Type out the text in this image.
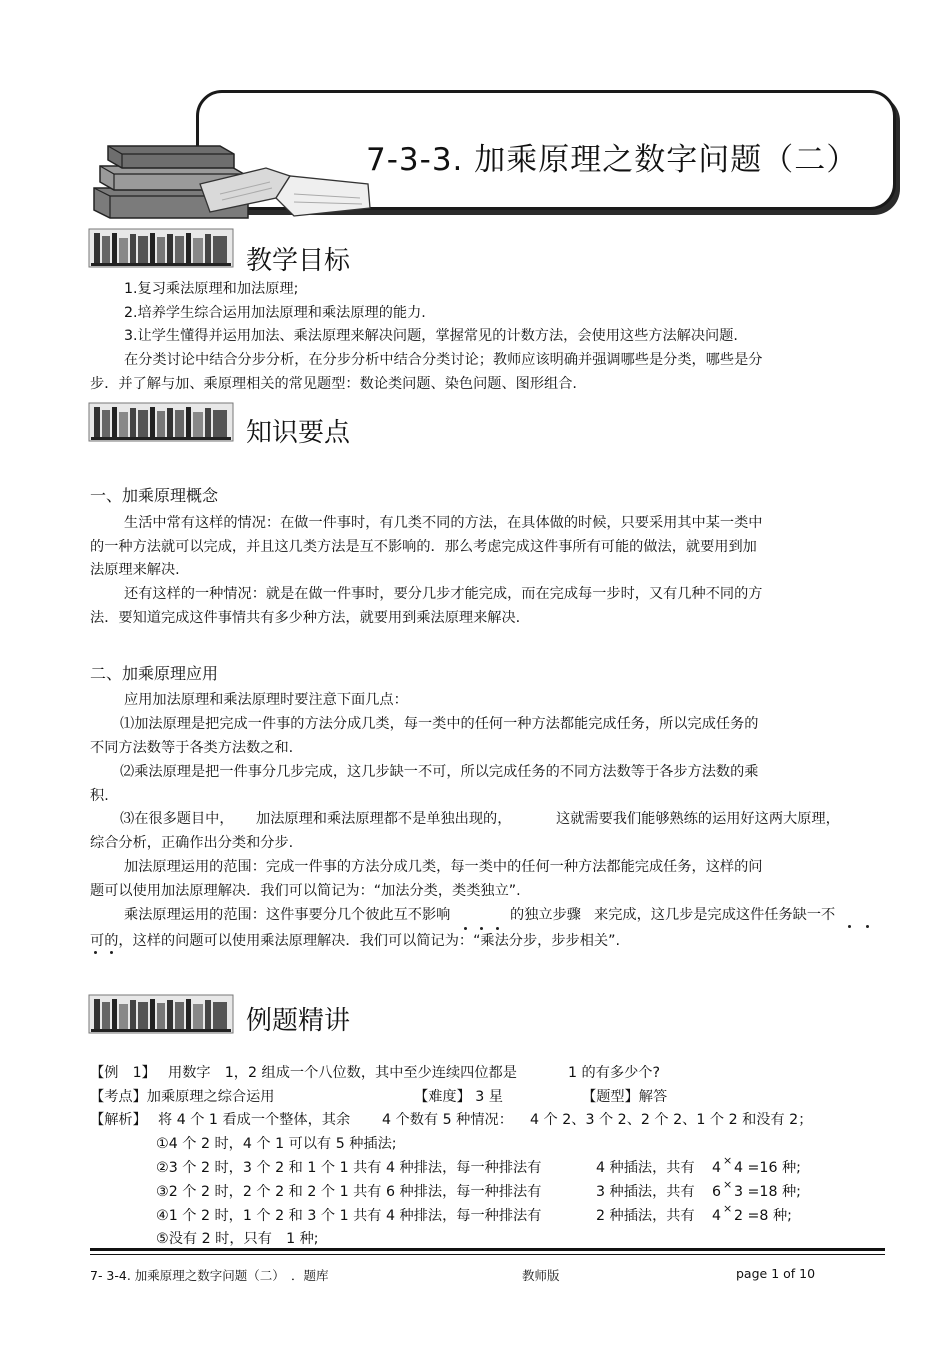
7-3-3. 加乘原理之数字问题（二）
教学目标
1.复习乘法原理和加法原理;
2.培养学生综合运用加法原理和乘法原理的能力.
3.让学生懂得并运用加法、乘法原理来解决问题，掌握常见的计数方法，会使用这些方法解决问题.
在分类讨论中结合分步分析，在分步分析中结合分类讨论；教师应该明确并强调哪些是分类，哪些是分
步．并了解与加、乘原理相关的常见题型：数论类问题、染色问题、图形组合.
知识要点
一、加乘原理概念
生活中常有这样的情况：在做一件事时，有几类不同的方法，在具体做的时候，只要采用其中某一类中
的一种方法就可以完成，并且这几类方法是互不影响的．那么考虑完成这件事所有可能的做法，就要用到加
法原理来解决.
还有这样的一种情况：就是在做一件事时，要分几步才能完成，而在完成每一步时，又有几种不同的方
法．要知道完成这件事情共有多少种方法，就要用到乘法原理来解决.
二、加乘原理应用
应用加法原理和乘法原理时要注意下面几点：
⑴加法原理是把完成一件事的方法分成几类，每一类中的任何一种方法都能完成任务，所以完成任务的
不同方法数等于各类方法数之和.
⑵乘法原理是把一件事分几步完成，这几步缺一不可，所以完成任务的不同方法数等于各步方法数的乘
积.
⑶在很多题目中， 加法原理和乘法原理都不是单独出现的，	这就需要我们能够熟练的运用好这两大原理，
综合分析，正确作出分类和分步.
加法原理运用的范围：完成一件事的方法分成几类，每一类中的任何一种方法都能完成任务，这样的问
题可以使用加法原理解决．我们可以简记为：“加法分类，类类独立”.
乘法原理运用的范围：这件事要分几个彼此互不影响	的独立步骤 来完成，这几步是完成这件任务缺一不
可的，这样的问题可以使用乘法原理解决．我们可以简记为：“乘法分步，步步相关”.
例题精讲
【例　1】 用数字　1，2 组成一个八位数，其中至少连续四位都是	1 的有多少个?
【考点】加乘原理之综合运用	【难度】 3 星	【题型】解答
【解析】 将 4 个 1 看成一个整体，其余 4 个数有 5 种情况： 4 个 2、3 个 2、2 个 2、1 个 2 和没有 2；
①4 个 2 时，4 个 1 可以有 5 种插法;
②3 个 2 时，3 个 2 和 1 个 1 共有 4 种排法，每一种排法有	4 种插法，共有 4 × 4 =16 种;
③2 个 2 时，2 个 2 和 2 个 1 共有 6 种排法，每一种排法有	3 种插法，共有 6 × 3 =18 种;
④1 个 2 时，1 个 2 和 3 个 1 共有 4 种排法，每一种排法有	2 种插法，共有 4 × 2 =8 种;
⑤没有 2 时，只有　1 种;
7- 3-4. 加乘原理之数字问题（二）　．题库	教师版	page 1 of 10
